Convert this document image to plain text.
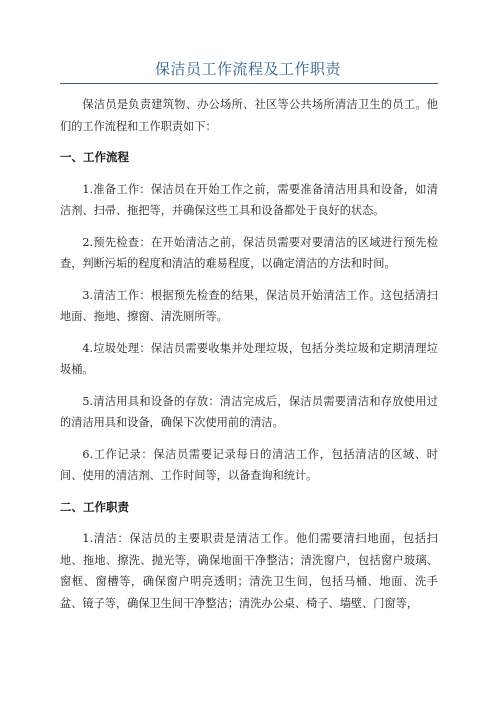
保洁员工作流程及工作职责

保洁员是负责建筑物、办公场所、社区等公共场所清洁卫生的员工。他们的工作流程和工作职责如下：

一、工作流程

1.准备工作：保洁员在开始工作之前，需要准备清洁用具和设备，如清洁剂、扫帚、拖把等，并确保这些工具和设备都处于良好的状态。

2.预先检查：在开始清洁之前，保洁员需要对要清洁的区域进行预先检查，判断污垢的程度和清洁的难易程度，以确定清洁的方法和时间。

3.清洁工作：根据预先检查的结果，保洁员开始清洁工作。这包括清扫地面、拖地、擦窗、清洗厕所等。

4.垃圾处理：保洁员需要收集并处理垃圾，包括分类垃圾和定期清理垃圾桶。

5.清洁用具和设备的存放：清洁完成后，保洁员需要清洁和存放使用过的清洁用具和设备，确保下次使用前的清洁。

6.工作记录：保洁员需要记录每日的清洁工作，包括清洁的区域、时间、使用的清洁剂、工作时间等，以备查询和统计。

二、工作职责

1.清洁：保洁员的主要职责是清洁工作。他们需要清扫地面，包括扫地、拖地、擦洗、抛光等，确保地面干净整洁；清洗窗户，包括窗户玻璃、窗框、窗槽等，确保窗户明亮透明；清洗卫生间，包括马桶、地面、洗手盆、镜子等，确保卫生间干净整洁；清洗办公桌、椅子、墙壁、门窗等，
